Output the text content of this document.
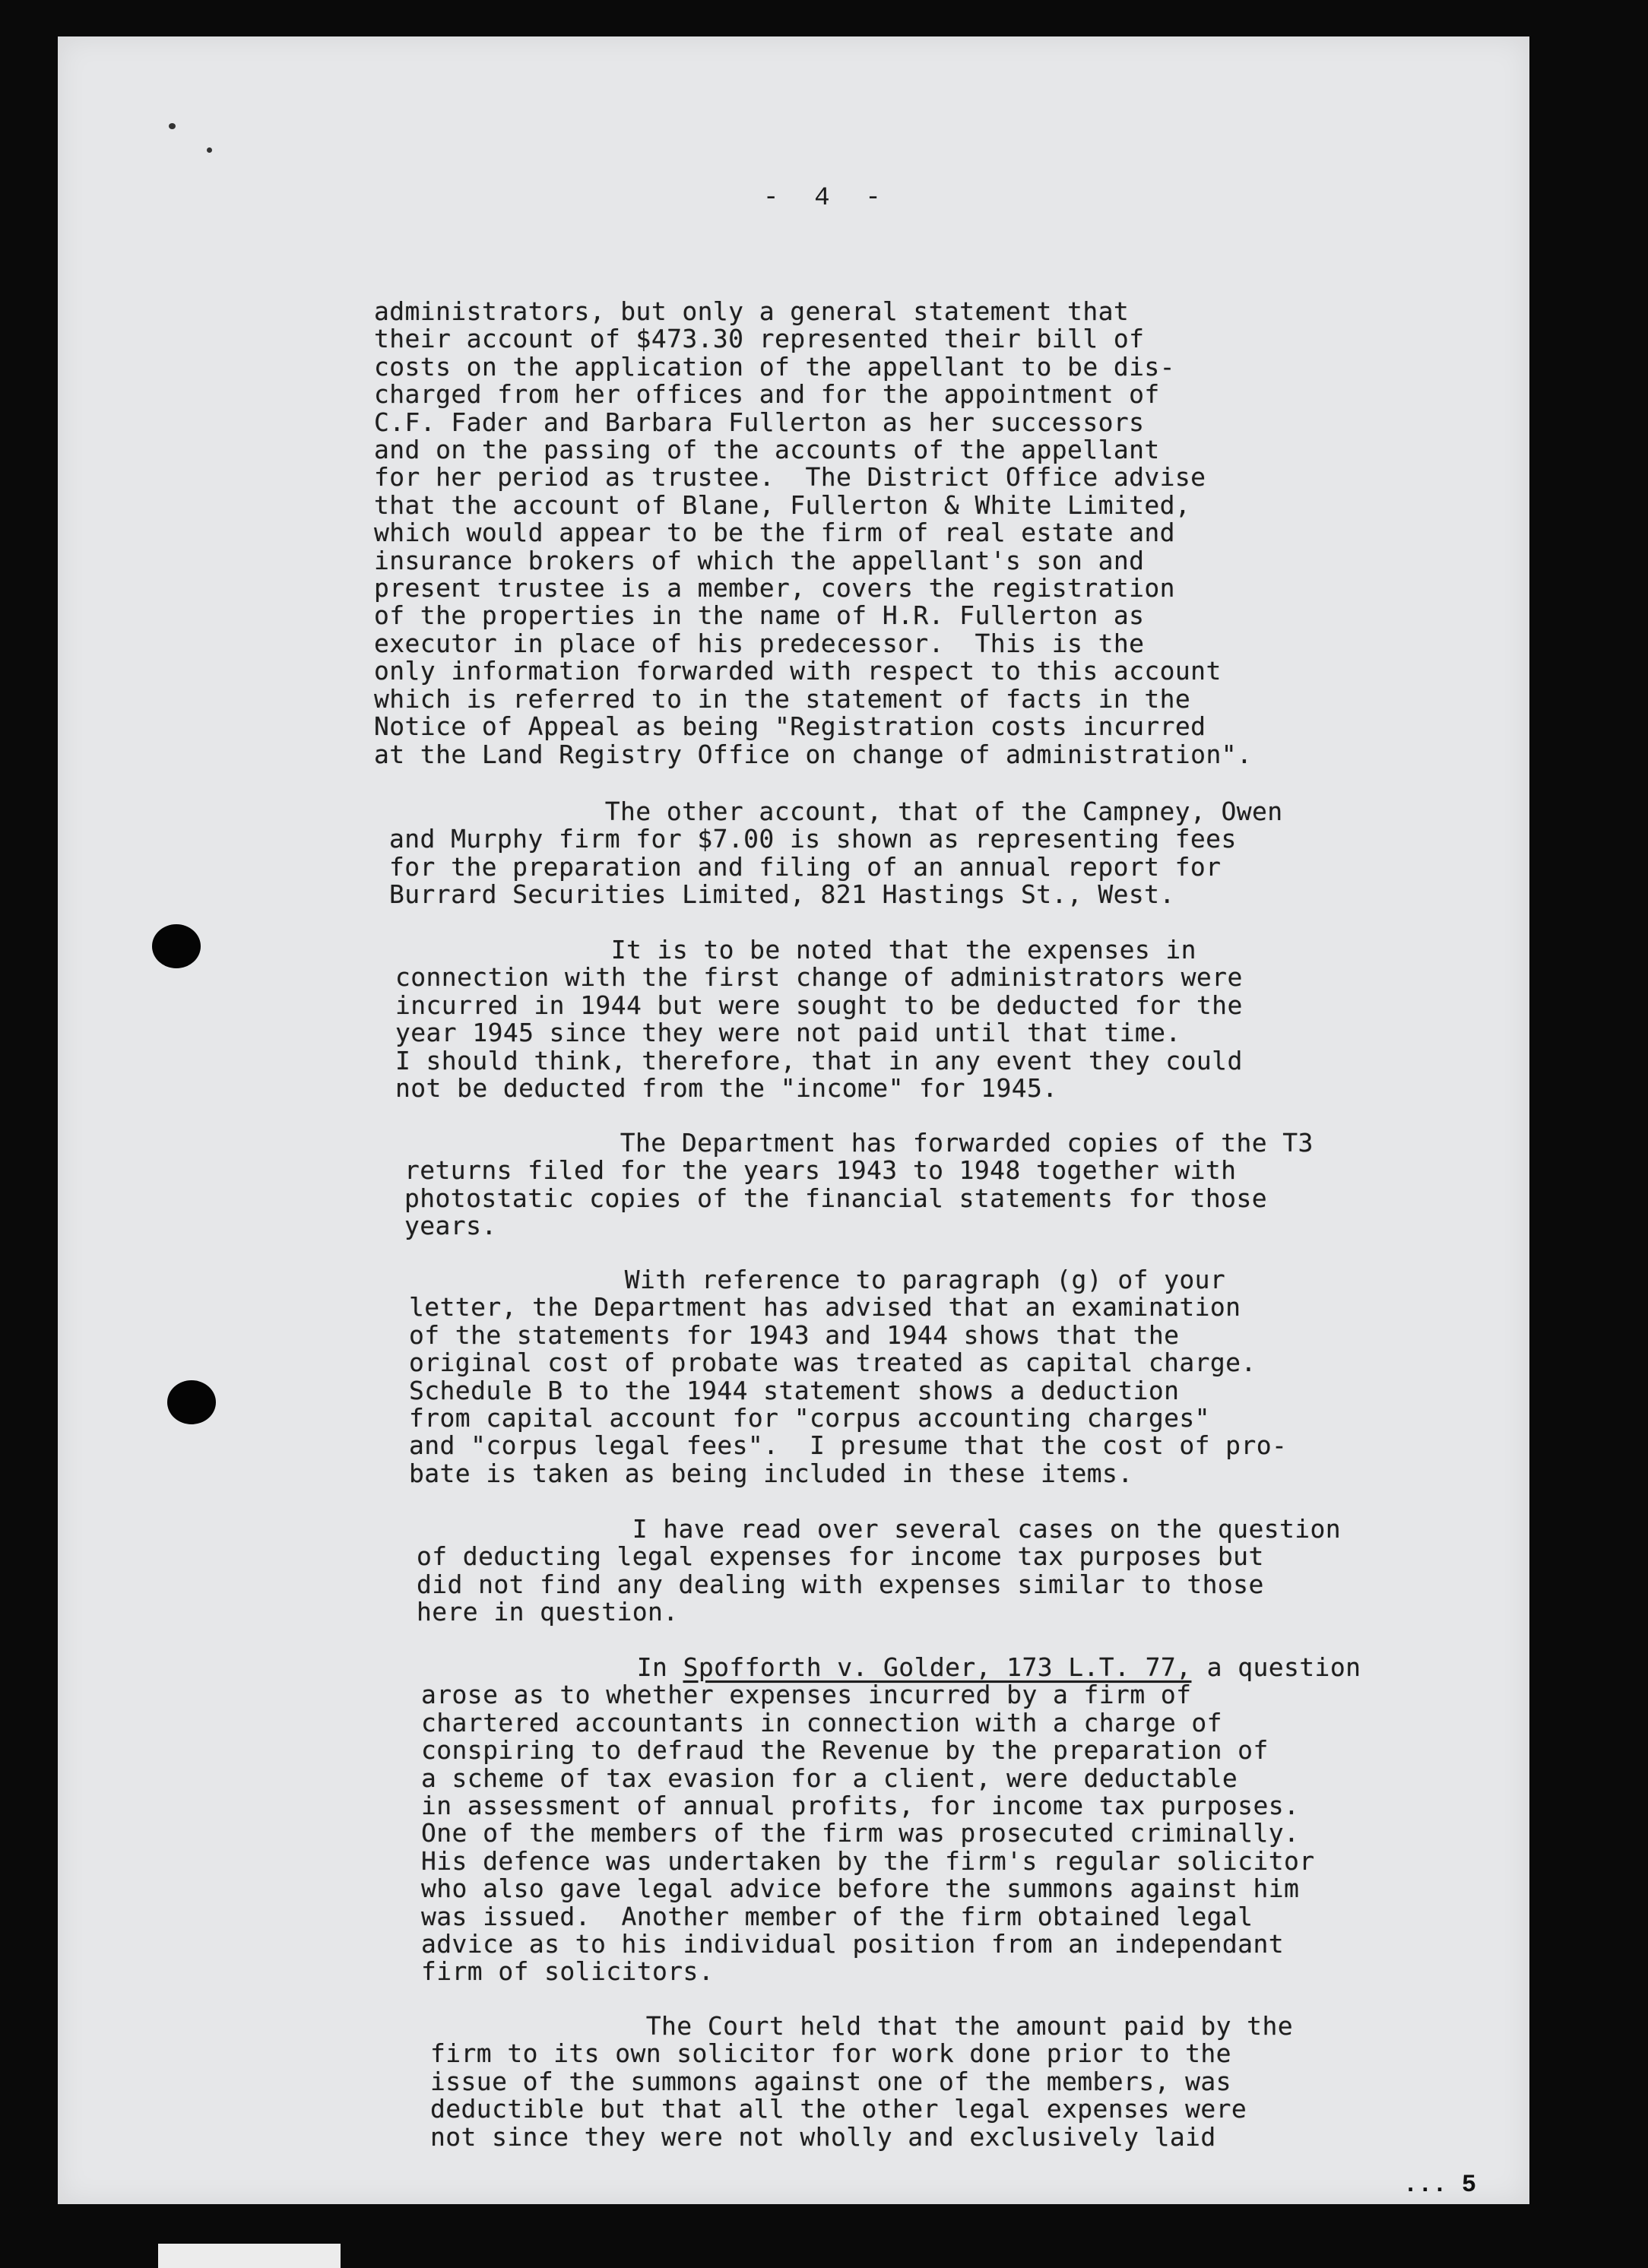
-  4  -
administrators, but only a general statement that
their account of $473.30 represented their bill of
costs on the application of the appellant to be dis-
charged from her offices and for the appointment of
C.F. Fader and Barbara Fullerton as her successors
and on the passing of the accounts of the appellant
for her period as trustee.  The District Office advise
that the account of Blane, Fullerton & White Limited,
which would appear to be the firm of real estate and
insurance brokers of which the appellant's son and
present trustee is a member, covers the registration
of the properties in the name of H.R. Fullerton as
executor in place of his predecessor.  This is the
only information forwarded with respect to this account
which is referred to in the statement of facts in the
Notice of Appeal as being "Registration costs incurred
at the Land Registry Office on change of administration".
The other account, that of the Campney, Owen
and Murphy firm for $7.00 is shown as representing fees
for the preparation and filing of an annual report for
Burrard Securities Limited, 821 Hastings St., West.
It is to be noted that the expenses in
connection with the first change of administrators were
incurred in 1944 but were sought to be deducted for the
year 1945 since they were not paid until that time.
I should think, therefore, that in any event they could
not be deducted from the "income" for 1945.
The Department has forwarded copies of the T3
returns filed for the years 1943 to 1948 together with
photostatic copies of the financial statements for those
years.
With reference to paragraph (g) of your
letter, the Department has advised that an examination
of the statements for 1943 and 1944 shows that the
original cost of probate was treated as capital charge.
Schedule B to the 1944 statement shows a deduction
from capital account for "corpus accounting charges"
and "corpus legal fees".  I presume that the cost of pro-
bate is taken as being included in these items.
I have read over several cases on the question
of deducting legal expenses for income tax purposes but
did not find any dealing with expenses similar to those
here in question.
In Spofforth v. Golder, 173 L.T. 77, a question
arose as to whether expenses incurred by a firm of
chartered accountants in connection with a charge of
conspiring to defraud the Revenue by the preparation of
a scheme of tax evasion for a client, were deductable
in assessment of annual profits, for income tax purposes.
One of the members of the firm was prosecuted criminally.
His defence was undertaken by the firm's regular solicitor
who also gave legal advice before the summons against him
was issued.  Another member of the firm obtained legal
advice as to his individual position from an independant
firm of solicitors.
The Court held that the amount paid by the
firm to its own solicitor for work done prior to the
issue of the summons against one of the members, was
deductible but that all the other legal expenses were
not since they were not wholly and exclusively laid
... 5
